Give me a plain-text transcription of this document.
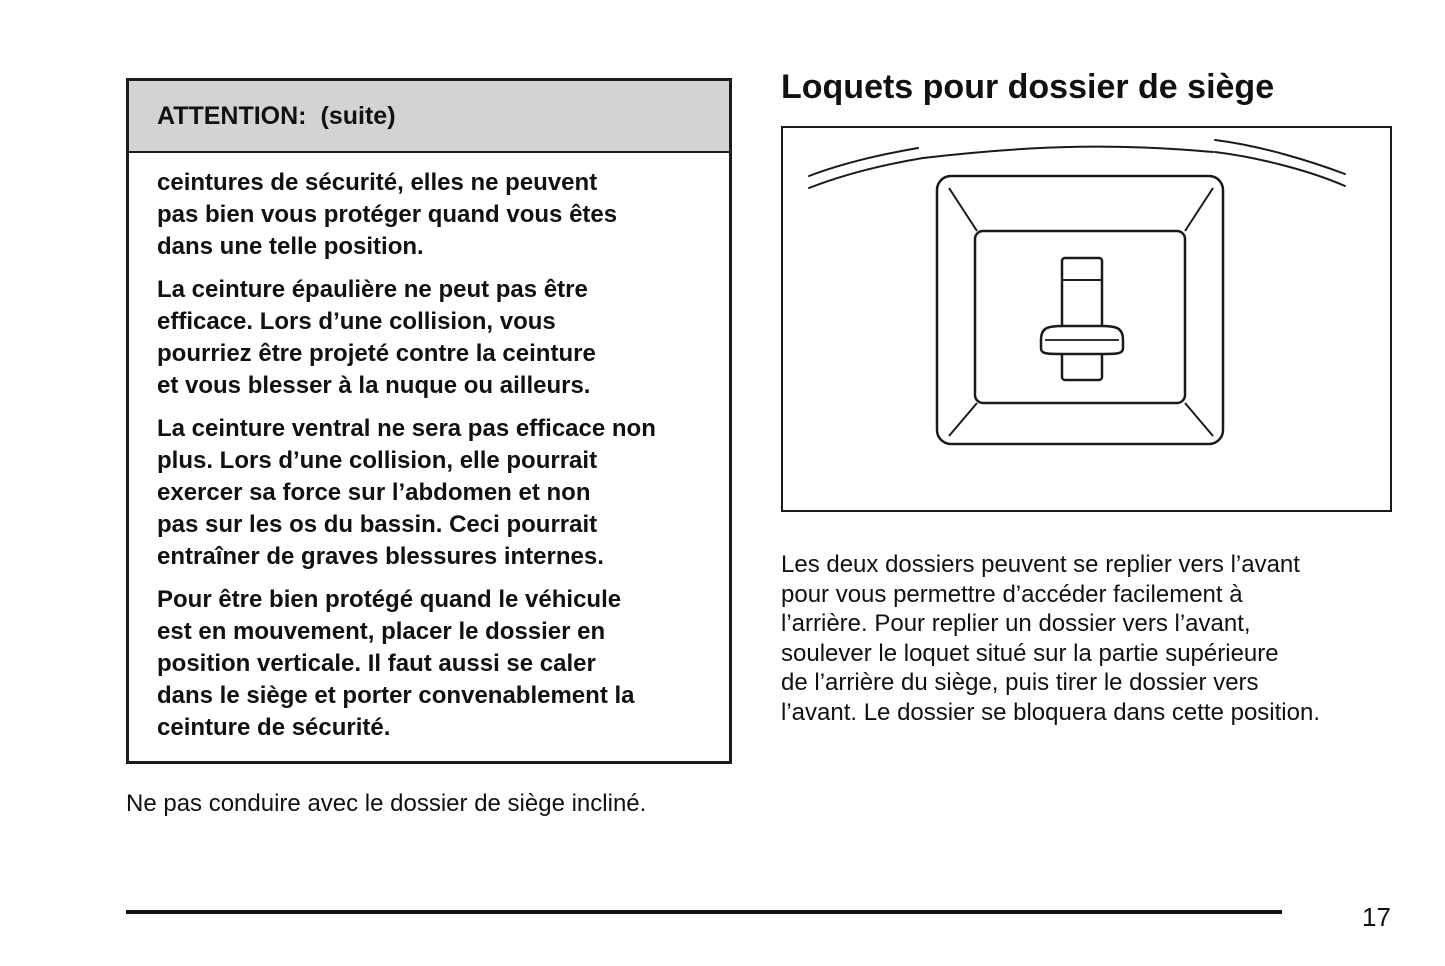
ATTENTION: (suite)

ceintures de sécurité, elles ne peuvent
pas bien vous protéger quand vous êtes
dans une telle position.

La ceinture épaulière ne peut pas être
efficace. Lors d’une collision, vous
pourriez être projeté contre la ceinture
et vous blesser à la nuque ou ailleurs.

La ceinture ventral ne sera pas efficace non
plus. Lors d’une collision, elle pourrait
exercer sa force sur l’abdomen et non
pas sur les os du bassin. Ceci pourrait
entraîner de graves blessures internes.

Pour être bien protégé quand le véhicule
est en mouvement, placer le dossier en
position verticale. Il faut aussi se caler
dans le siège et porter convenablement la
ceinture de sécurité.

Ne pas conduire avec le dossier de siège incliné.
Loquets pour dossier de siège
Les deux dossiers peuvent se replier vers l’avant
pour vous permettre d’accéder facilement à
l’arrière. Pour replier un dossier vers l’avant,
soulever le loquet situé sur la partie supérieure
de l’arrière du siège, puis tirer le dossier vers
l’avant. Le dossier se bloquera dans cette position.
17
